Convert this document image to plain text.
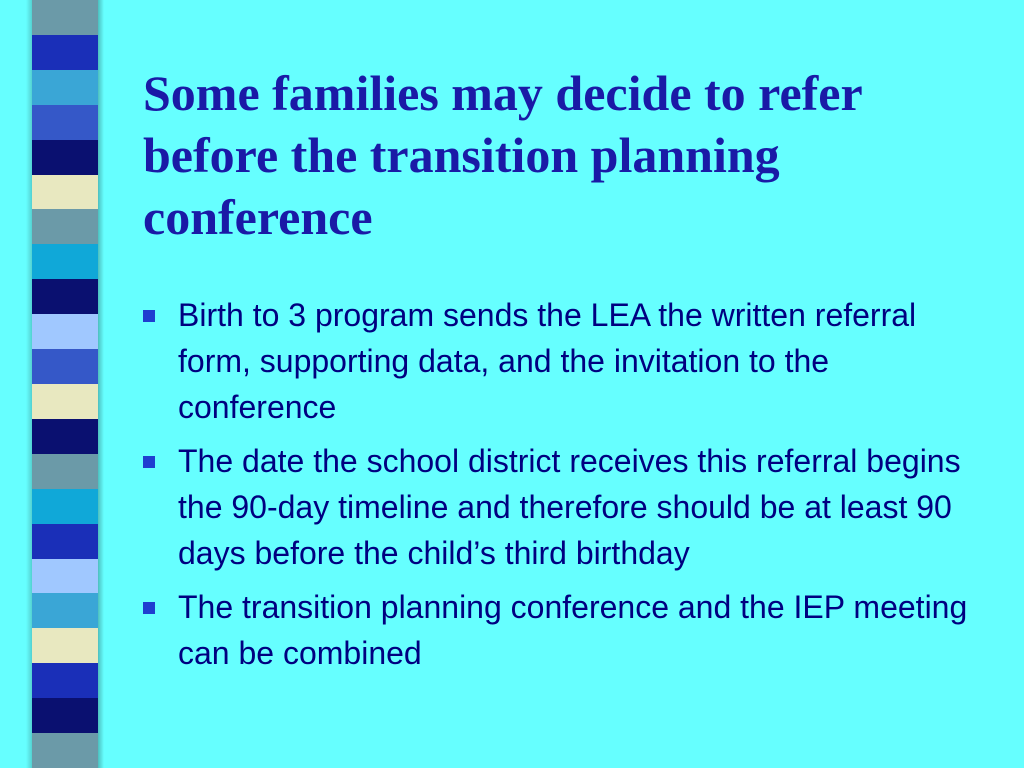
Some families may decide to refer before the transition planning conference
Birth to 3 program sends the LEA the written referral form, supporting data, and the invitation to the conference
The date the school district receives this referral begins the 90-day timeline and therefore should be at least 90 days before the child’s third birthday
The transition planning conference and the IEP meeting can be combined
